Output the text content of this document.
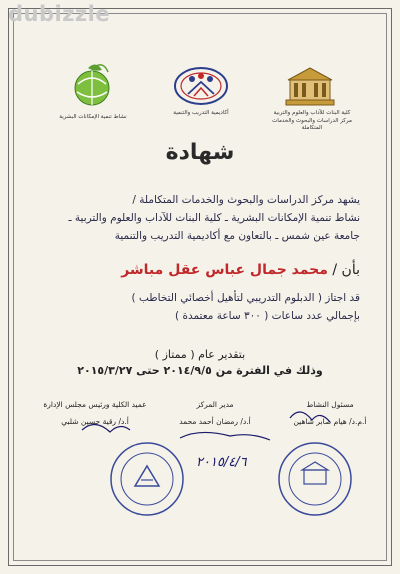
dubizzle
نشاط تنمية الإمكانات البشرية
أكاديمية التدريب والتنمية	كلية البنات للآداب والعلوم والتربية
مركز الدراسات والبحوث والخدمات المتكاملة
شهادة
يشهد مركز الدراسات والبحوث والخدمات المتكاملة /
نشاط تنمية الإمكانات البشرية ـ كلية البنات للآداب والعلوم والتربية ـ
جامعة عين شمس ـ بالتعاون مع أكاديمية التدريب والتنمية
بأن / محمد جمال عباس عقل مباشر
قد اجتاز ( الدبلوم التدريبي لتأهيل أخصائي التخاطب )
بإجمالي عدد ساعات ( ٣٠٠ ساعة معتمدة )
بتقدير عام ( ممتاز )
وذلك في الفترة من ٢٠١٤/٩/٥ حتى ٢٠١٥/٣/٢٧
مسئول النشاط
أ.م.د/ هيام صابر شاهين
مدير المركز
أ.د/ رمضان أحمد محمد
عميد الكلية ورئيس مجلس الإدارة
أ.د/ رقية حسين شلبي
٢٠١٥/٤/٦
